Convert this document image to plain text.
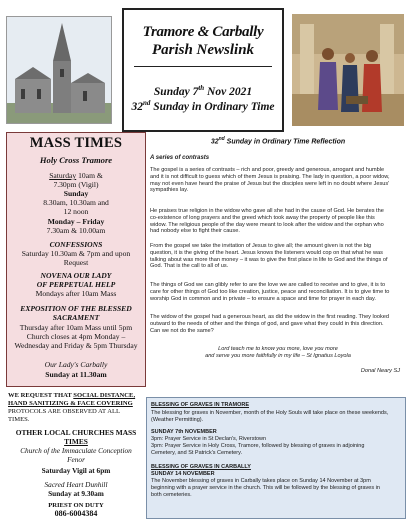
Tramore & Carbally
Parish Newslink
Sunday 7th Nov 2021
32nd Sunday in Ordinary Time
MASS TIMES
Holy Cross Tramore
Saturday 10am &
7.30pm (Vigil)
Sunday
8.30am, 10.30am and
12 noon
Monday – Friday
7.30am & 10.00am
CONFESSIONS
Saturday 10.30am & 7pm and upon
Request
NOVENA OUR LADY
OF PERPETUAL HELP
Mondays after 10am Mass
EXPOSITION OF THE BLESSED
SACRAMENT
Thursday after 10am Mass until 5pm
Church closes at 4pm Monday –
Wednesday and Friday & 5pm Thursday
Our Lady's Carbally
Sunday at 11.30am
WE REQUEST THAT SOCIAL DISTANCE,
HAND SANITIZING & FACE COVERING
PROTOCOLS ARE OBSERVED AT ALL
TIMES.
OTHER LOCAL CHURCHES MASS
TIMES
Church of the Immaculate Conception
Fenor
Saturday Vigil at 6pm
Sacred Heart Dunhill
Sunday at 9.30am
PRIEST ON DUTY
086-6004384
32nd Sunday in Ordinary Time Reflection
A series of contrasts
The gospel is a series of contrasts – rich and poor, greedy and generous, arrogant and humble
and it is not difficult to guess which of them Jesus is praising. The lady in question, a poor widow,
may not even have heard the praise of Jesus but the disciples were left in no doubt where Jesus'
sympathies lay.
He praises true religion in the widow who gave all she had in the cause of God. He berates the
co-existence of long prayers and the greed which took away the property of people like this
widow. The religious people of the day were meant to look after the widow and the orphan who
had nobody else to fight their cause.
From the gospel we take the invitation of Jesus to give all; the amount given is not the big
question, it is the giving of the heart. Jesus knows the listeners would cop on that what he was
talking about was more than money – it was to give the first place in life to God and the things of
God. That is the call to all of us.
The things of God we can glibly refer to are the love we are called to receive and to give, it is to
care for other things of God too like creation, justice, peace and reconciliation. It is to give time to
worship God in common and in private – to ensure a space and time for prayer in each day.
The widow of the gospel had a generous heart, as did the widow in the first reading. They looked
outward to the needs of other and the things of god, and gave what they could in this direction.
Can we not do the same?
Lord teach me to know you more, love you more
and serve you more faithfully in my life – St Ignatius Loyola
Donal Neary SJ
BLESSING OF GRAVES IN TRAMORE
The blessing for graves in November, month of the Holy Souls will take place on these weekends,
(Weather Permitting).
SUNDAY 7th NOVEMBER
3pm: Prayer Service in St Declan's, Riverstown
3pm: Prayer Service in Holy Cross, Tramore, followed by blessing of graves in adjoining
Cemetery, and St Patrick's Cemetery.
BLESSING OF GRAVES IN CARBALLY
SUNDAY 14 NOVEMBER
The November blessing of graves in Carbally takes place on Sunday 14 November at 3pm
beginning with a prayer service in the church. This will be followed by the blessing of graves in
both cemeteries.
